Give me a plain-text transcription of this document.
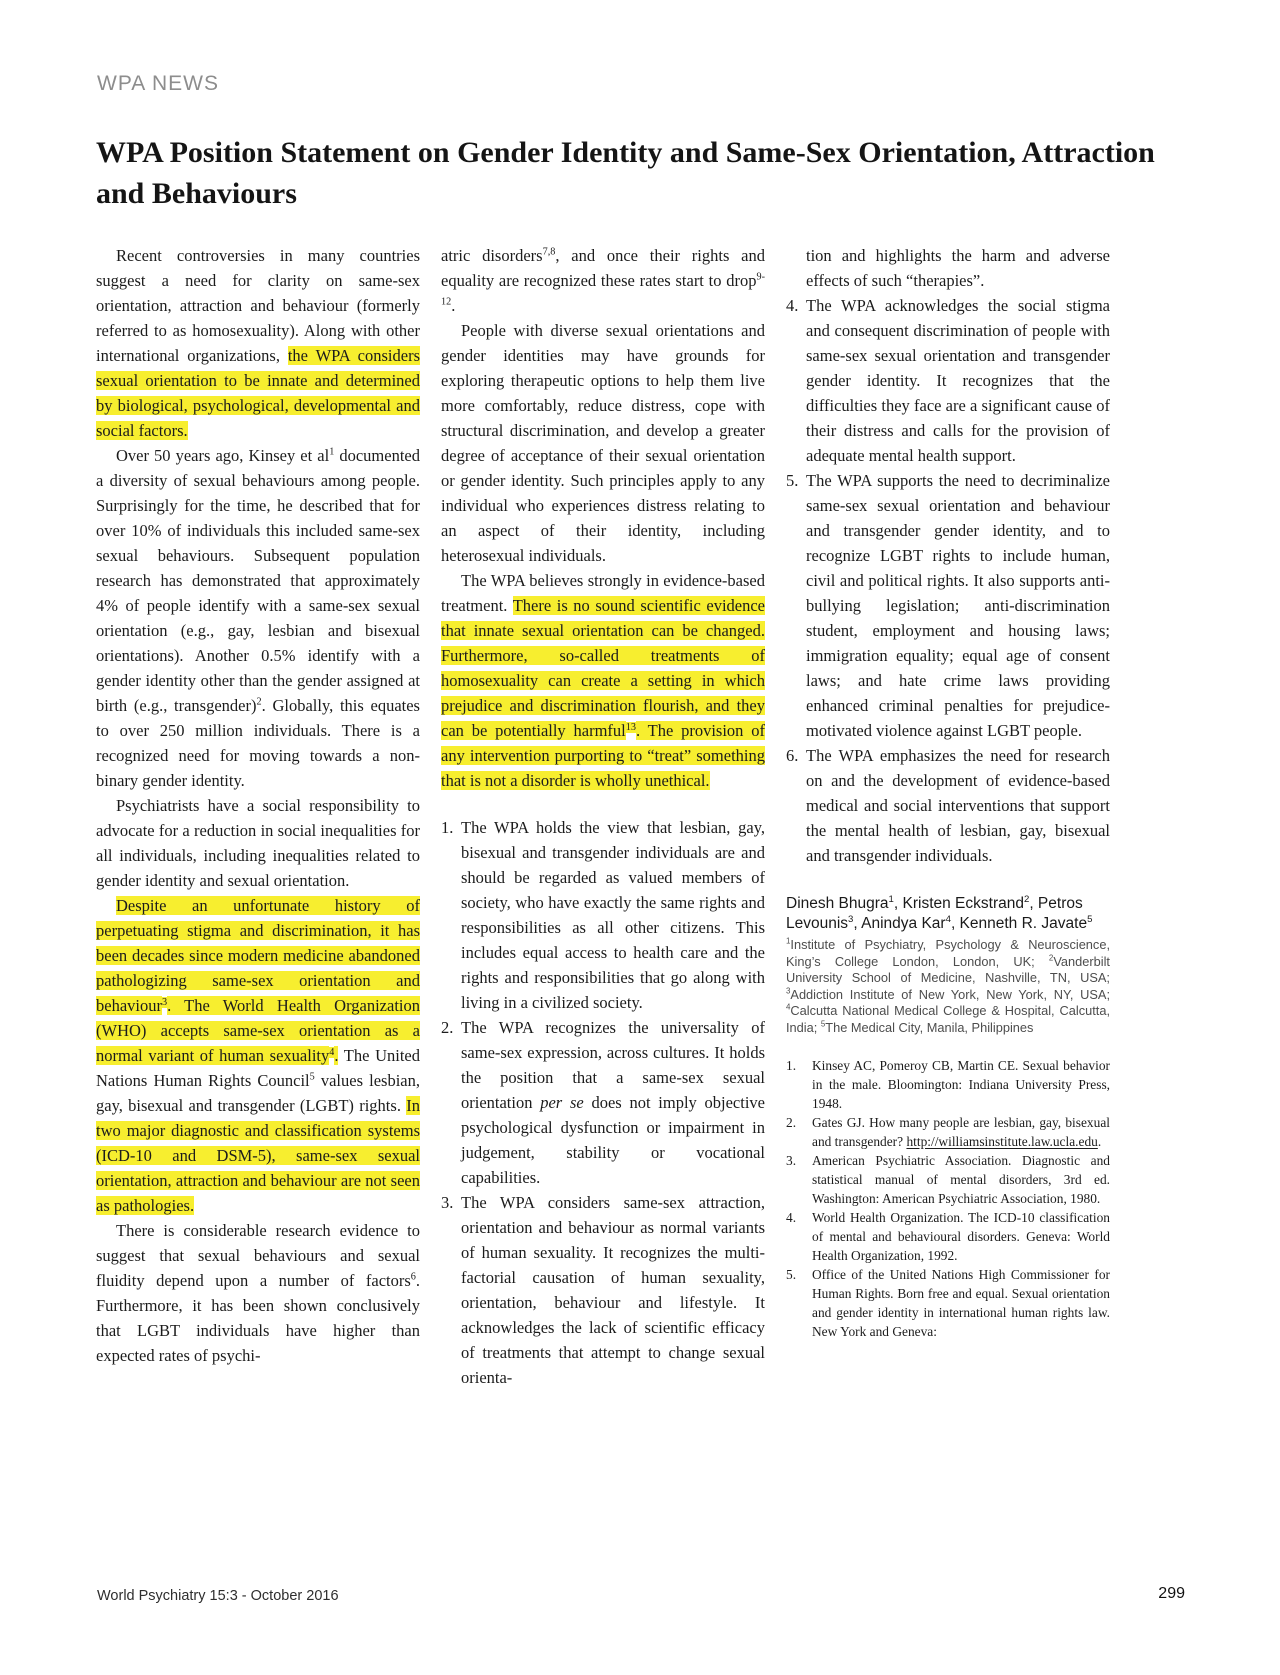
WPA NEWS
WPA Position Statement on Gender Identity and Same-Sex Orientation, Attraction and Behaviours

Recent controversies in many countries suggest a need for clarity on same-sex orientation, attraction and behaviour (formerly referred to as homosexuality). Along with other international organizations, the WPA considers sexual orientation to be innate and determined by biological, psychological, developmental and social factors.

Over 50 years ago, Kinsey et $al^1$ documented a diversity of sexual behaviours among people. Surprisingly for the time, he described that for over 10% of individuals this included same-sex sexual behaviours. Subsequent population research has demonstrated that approximately 4% of people identify with a same-sex sexual orientation (e.g., gay, lesbian and bisexual orientations). Another 0.5% identify with a gender identity other than the gender assigned at birth (e.g., transgender)$^2$. Globally, this equates to over 250 million individuals. There is a recognized need for moving towards a non-binary gender identity.

Psychiatrists have a social responsibility to advocate for a reduction in social inequalities for all individuals, including inequalities related to gender identity and sexual orientation.

Despite an unfortunate history of perpetuating stigma and discrimination, it has been decades since modern medicine abandoned pathologizing same-sex orientation and behaviour$^3$. The World Health Organization (WHO) accepts same-sex orientation as a normal variant of human sexuality$^4$. The United Nations Human Rights Council$^5$ values lesbian, gay, bisexual and transgender (LGBT) rights. In two major diagnostic and classification systems (ICD-10 and DSM-5), same-sex sexual orientation, attraction and behaviour are not seen as pathologies.

There is considerable research evidence to suggest that sexual behaviours and sexual fluidity depend upon a number of factors$^6$. Furthermore, it has been shown conclusively that LGBT individuals have higher than expected rates of psychi-

atric disorders$^{7,8}$, and once their rights and equality are recognized these rates start to drop$^{9-12}$.

People with diverse sexual orientations and gender identities may have grounds for exploring therapeutic options to help them live more comfortably, reduce distress, cope with structural discrimination, and develop a greater degree of acceptance of their sexual orientation or gender identity. Such principles apply to any individual who experiences distress relating to an aspect of their identity, including heterosexual individuals.

The WPA believes strongly in evidence-based treatment. There is no sound scientific evidence that innate sexual orientation can be changed. Furthermore, so-called treatments of homosexuality can create a setting in which prejudice and discrimination flourish, and they can be potentially harmful$^{13}$. The provision of any intervention purporting to “treat” something that is not a disorder is wholly unethical.

1. The WPA holds the view that lesbian, gay, bisexual and transgender individuals are and should be regarded as valued members of society, who have exactly the same rights and responsibilities as all other citizens. This includes equal access to health care and the rights and responsibilities that go along with living in a civilized society.
2. The WPA recognizes the universality of same-sex expression, across cultures. It holds the position that a same-sex sexual orientation per se does not imply objective psychological dysfunction or impairment in judgement, stability or vocational capabilities.
3. The WPA considers same-sex attraction, orientation and behaviour as normal variants of human sexuality. It recognizes the multi-factorial causation of human sexuality, orientation, behaviour and lifestyle. It acknowledges the lack of scientific efficacy of treatments that attempt to change sexual orienta-

tion and highlights the harm and adverse effects of such “therapies”.

4. The WPA acknowledges the social stigma and consequent discrimination of people with same-sex sexual orientation and transgender gender identity. It recognizes that the difficulties they face are a significant cause of their distress and calls for the provision of adequate mental health support.
5. The WPA supports the need to decriminalize same-sex sexual orientation and behaviour and transgender gender identity, and to recognize LGBT rights to include human, civil and political rights. It also supports anti-bullying legislation; anti-discrimination student, employment and housing laws; immigration equality; equal age of consent laws; and hate crime laws providing enhanced criminal penalties for prejudice-motivated violence against LGBT people.
6. The WPA emphasizes the need for research on and the development of evidence-based medical and social interventions that support the mental health of lesbian, gay, bisexual and transgender individuals.

Dinesh Bhugra$^1$, Kristen Eckstrand$^2$, Petros Levounis$^3$, Anindya Kar$^4$, Kenneth R. Javate$^5$

$^1$Institute of Psychiatry, Psychology & Neuroscience, King’s College London, London, UK; $^2$Vanderbilt University School of Medicine, Nashville, TN, USA; $^3$Addiction Institute of New York, New York, NY, USA; $^4$Calcutta National Medical College & Hospital, Calcutta, India; $^5$The Medical City, Manila, Philippines

1.	Kinsey AC, Pomeroy CB, Martin CE. Sexual behavior in the male. Bloomington: Indiana University Press, 1948.
2.	Gates GJ. How many people are lesbian, gay, bisexual and transgender? http://williamsinstitute.law.ucla.edu.
3.	American Psychiatric Association. Diagnostic and statistical manual of mental disorders, 3rd ed. Washington: American Psychiatric Association, 1980.
4.	World Health Organization. The ICD-10 classification of mental and behavioural disorders. Geneva: World Health Organization, 1992.
5.	Office of the United Nations High Commissioner for Human Rights. Born free and equal. Sexual orientation and gender identity in international human rights law. New York and Geneva:
World Psychiatry 15:3 - October 2016	299
